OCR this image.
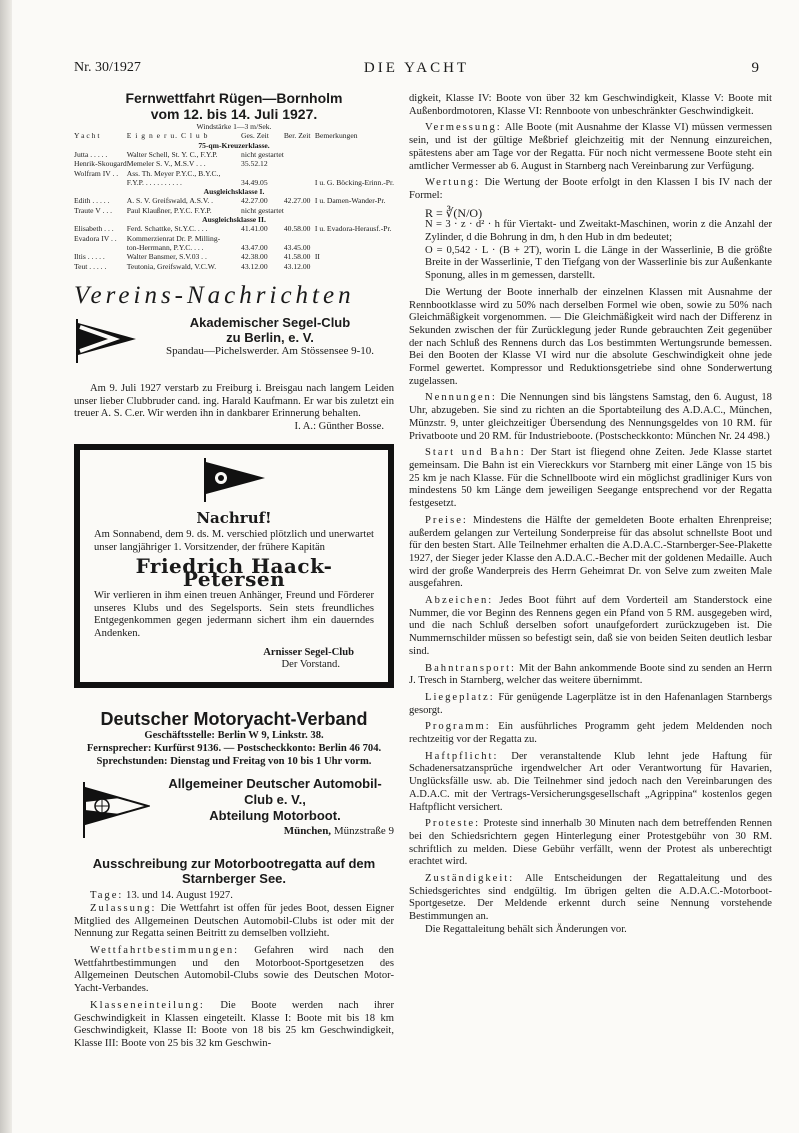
Nr. 30/1927	DIE YACHT	9
Fernwettfahrt Rügen—Bornholm
vom 12. bis 14. Juli 1927.
Windstärke 1—3 m/Sek.
Y a c h t	E i g n e r u. C l u b	Ges. Zeit	Ber. Zeit	Bemerkungen
75-qm-Kreuzerklasse.				
Jutta . . . . .	Walter Schell, St. Y. C., F.Y.P.	nicht gestartet		
Henrik-Skougard	Memeler S. V., M.S.V . . .	35.52.12		
Wolfram IV . .	Ass. Th. Meyer P.Y.C., B.Y.C.,			
	F.Y.P. . . . . . . . . . .	34.49.05		I u. G. Böcking-Erinn.-Pr.
Ausgleichsklasse I.				
Edith . . . . .	A. S. V. Greifswald, A.S.V. .	42.27.00	42.27.00	I u. Damen-Wander-Pr.
Traute V . . .	Paul Klaußner, P.Y.C. F.Y.P.	nicht gestartet		
Ausgleichsklasse II.				
Elisabeth . . .	Ferd. Schattke, St.Y.C. . . .	41.41.00	40.58.00	I u. Evadora-Herausf.-Pr.
Evadora IV . .	Kommerzienrat Dr. P. Milling-			
	ton-Herrmann, P.Y.C. . . .	43.47.00	43.45.00	
Iltis . . . . .	Walter Bansmer, S.V.03 . .	42.38.00	41.58.00	II
Teut . . . . .	Teutonia, Greifswald, V.C.W.	43.12.00	43.12.00	
Vereins-Nachrichten
Akademischer Segel-Club
zu Berlin, e. V.
Spandau—Pichelswerder. Am Stössensee 9-10.

Am 9. Juli 1927 verstarb zu Freiburg i. Breisgau nach langem Leiden unser lieber Clubbruder cand. ing. Harald Kaufmann. Er war bis zuletzt ein treuer A. S. C.er. Wir werden ihn in dankbarer Erinnerung behalten.

I. A.: Günther Bosse.

Nachruf!

Am Sonnabend, dem 9. ds. M. verschied plötzlich und unerwartet unser langjähriger 1. Vorsitzender, der frühere Kapitän

Friedrich Haack-Petersen

Wir verlieren in ihm einen treuen Anhänger, Freund und Förderer unseres Klubs und des Segelsports. Sein stets freundliches Entgegenkommen gegen jedermann sichert ihm ein dauerndes Andenken.

Arnisser Segel-Club
Der Vorstand.
Deutscher Motoryacht-Verband
Geschäftsstelle: Berlin W 9, Linkstr. 38.
Fernsprecher: Kurfürst 9136. — Postscheckkonto: Berlin 46 704.
Sprechstunden: Dienstag und Freitag von 10 bis 1 Uhr vorm.
Allgemeiner Deutscher Automobil-
Club e. V.,
Abteilung Motorboot.
München, Münzstraße 9
Ausschreibung zur Motorbootregatta auf dem
Starnberger See.

Tage: 13. und 14. August 1927.

Zulassung: Die Wettfahrt ist offen für jedes Boot, dessen Eigner Mitglied des Allgemeinen Deutschen Automobil-Clubs ist oder mit der Nennung zur Regatta seinen Beitritt zu demselben vollzieht.

Wettfahrtbestimmungen: Gefahren wird nach den Wettfahrtbestimmungen und den Motorboot-Sportgesetzen des Allgemeinen Deutschen Automobil-Clubs sowie des Deutschen Motor-Yacht-Verbandes.

Klasseneinteilung: Die Boote werden nach ihrer Geschwindigkeit in Klassen eingeteilt. Klasse I: Boote mit bis 18 km Geschwindigkeit, Klasse II: Boote von 18 bis 25 km Geschwindigkeit, Klasse III: Boote von 25 bis 32 km Geschwin-

digkeit, Klasse IV: Boote von über 32 km Geschwindigkeit, Klasse V: Boote mit Außenbordmotoren, Klasse VI: Rennboote von unbeschränkter Geschwindigkeit.

Vermessung: Alle Boote (mit Ausnahme der Klasse VI) müssen vermessen sein, und ist der gültige Meßbrief gleichzeitig mit der Nennung einzureichen, spätestens aber am Tage vor der Regatta. Für noch nicht vermessene Boote steht ein amtlicher Vermesser ab 6. August in Starnberg nach Vereinbarung zur Verfügung.

Wertung: Die Wertung der Boote erfolgt in den Klassen I bis IV nach der Formel:

R = ∛(N/O)

N = 3 · z · d² · h für Viertakt- und Zweitakt-Maschinen, worin z die Anzahl der Zylinder, d die Bohrung in dm, h den Hub in dm bedeutet;

O = 0,542 · L · (B + 2T), worin L die Länge in der Wasserlinie, B die größte Breite in der Wasserlinie, T den Tiefgang von der Wasserlinie bis zur Außenkante Sponung, alles in m gemessen, darstellt.

Die Wertung der Boote innerhalb der einzelnen Klassen mit Ausnahme der Rennbootklasse wird zu 50% nach derselben Formel wie oben, sowie zu 50% nach Gleichmäßigkeit vorgenommen. — Die Gleichmäßigkeit wird nach der Differenz in Sekunden zwischen der für Zurücklegung jeder Runde gebrauchten Zeit gegenüber der nach Schluß des Rennens durch das Los bestimmten Wertungsrunde bemessen. Bei den Booten der Klasse VI wird nur die absolute Geschwindigkeit ohne jede Formel gewertet. Kompressor und Reduktionsgetriebe sind ohne Sonderwertung zugelassen.

Nennungen: Die Nennungen sind bis längstens Samstag, den 6. August, 18 Uhr, abzugeben. Sie sind zu richten an die Sportabteilung des A.D.A.C., München, Münzstr. 9, unter gleichzeitiger Übersendung des Nennungsgeldes von 10 RM. für Privatboote und 20 RM. für Industrieboote. (Postscheckkonto: München Nr. 24 498.)

Start und Bahn: Der Start ist fliegend ohne Zeiten. Jede Klasse startet gemeinsam. Die Bahn ist ein Viereckkurs vor Starnberg mit einer Länge von 15 bis 25 km je nach Klasse. Für die Schnellboote wird ein möglichst gradliniger Kurs von mindestens 50 km Länge dem jeweiligen Seegange entsprechend vor der Regatta festgesetzt.

Preise: Mindestens die Hälfte der gemeldeten Boote erhalten Ehrenpreise; außerdem gelangen zur Verteilung Sonderpreise für das absolut schnellste Boot und für den besten Start. Alle Teilnehmer erhalten die A.D.A.C.-Starnberger-See-Plakette 1927, der Sieger jeder Klasse den A.D.A.C.-Becher mit der goldenen Medaille. Auch wird der große Wanderpreis des Herrn Geheimrat Dr. von Selve zum zweiten Male ausgefahren.

Abzeichen: Jedes Boot führt auf dem Vorderteil am Standerstock eine Nummer, die vor Beginn des Rennens gegen ein Pfand von 5 RM. ausgegeben wird, und die nach Schluß derselben sofort unaufgefordert zurückzugeben ist. Die Nummernschilder müssen so befestigt sein, daß sie von beiden Seiten deutlich lesbar sind.

Bahntransport: Mit der Bahn ankommende Boote sind zu senden an Herrn J. Tresch in Starnberg, welcher das weitere übernimmt.

Liegeplatz: Für genügende Lagerplätze ist in den Hafenanlagen Starnbergs gesorgt.

Programm: Ein ausführliches Programm geht jedem Meldenden noch rechtzeitig vor der Regatta zu.

Haftpflicht: Der veranstaltende Klub lehnt jede Haftung für Schadenersatzansprüche irgendwelcher Art oder Verantwortung für Havarien, Unglücksfälle usw. ab. Die Teilnehmer sind jedoch nach den Vereinbarungen des A.D.A.C. mit der Vertrags-Versicherungsgesellschaft „Agrippina“ kostenlos gegen Haftpflicht versichert.

Proteste: Proteste sind innerhalb 30 Minuten nach dem betreffenden Rennen bei den Schiedsrichtern gegen Hinterlegung einer Protestgebühr von 30 RM. schriftlich zu melden. Diese Gebühr verfällt, wenn der Protest als unberechtigt erachtet wird.

Zuständigkeit: Alle Entscheidungen der Regattaleitung und des Schiedsgerichtes sind endgültig. Im übrigen gelten die A.D.A.C.-Motorboot-Sportgesetze. Der Meldende erkennt durch seine Nennung vorstehende Bestimmungen an.

Die Regattaleitung behält sich Änderungen vor.
